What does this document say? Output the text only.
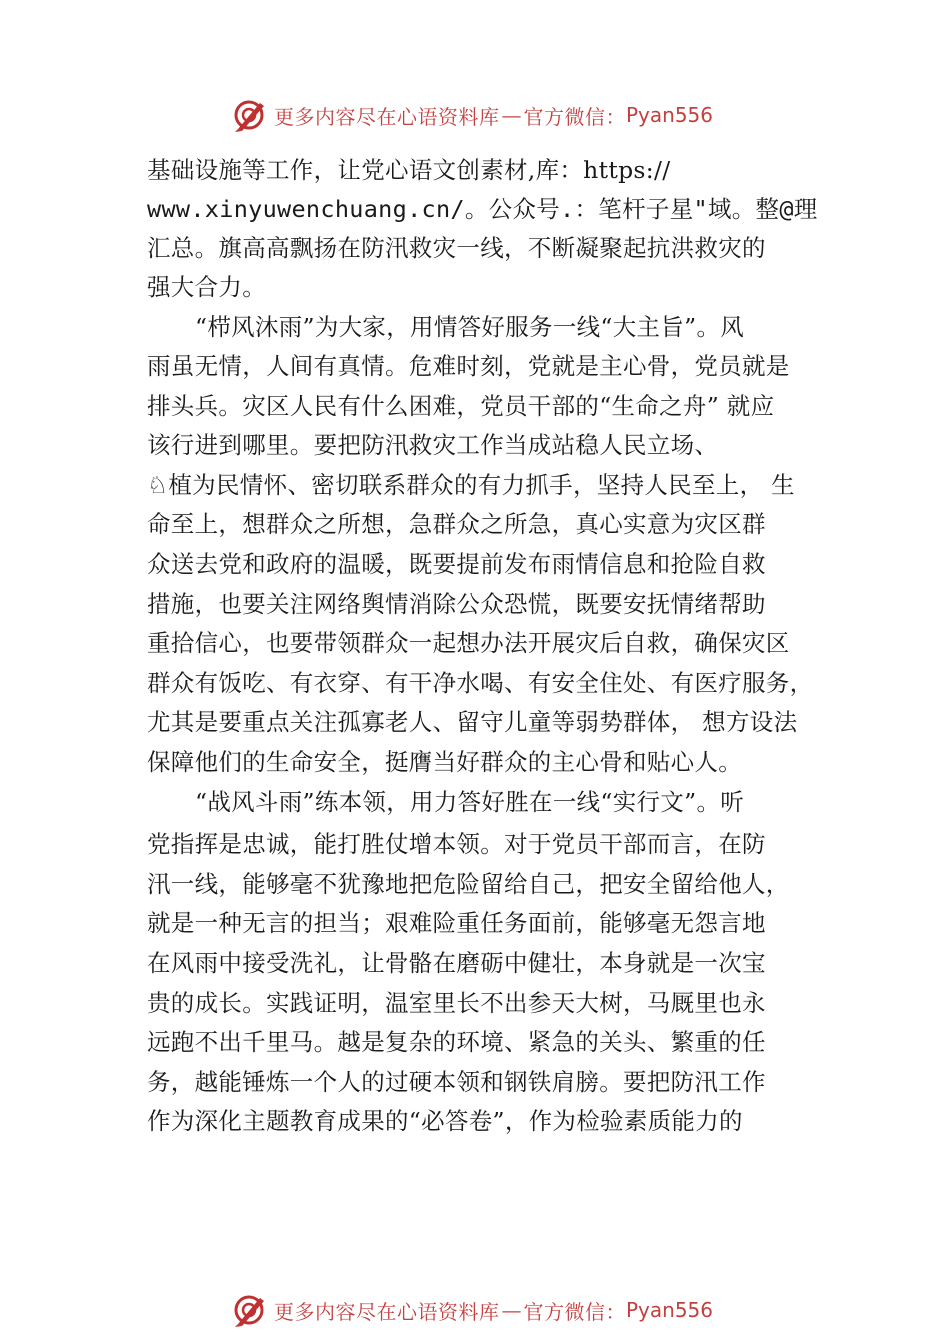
更多内容尽在心语资料库 — 官方微信： Pyan556

基础设施等工作，让党心语文创素材,库：https://

www.xinyuwenchuang.cn/。公众号.：笔杆子星"域。整@理

汇总。旗高高飘扬在防汛救灾一线，不断凝聚起抗洪救灾的

强大合力。

“栉风沐雨”为大家，用情答好服务一线“大主旨”。风

雨虽无情，人间有真情。危难时刻，党就是主心骨，党员就是

排头兵。灾区人民有什么困难，党员干部的“生命之舟” 就应

该行进到哪里。要把防汛救灾工作当成站稳人民立场、

♘植为民情怀、密切联系群众的有力抓手，坚持人民至上， 生

命至上，想群众之所想，急群众之所急，真心实意为灾区群

众送去党和政府的温暖，既要提前发布雨情信息和抢险自救

措施，也要关注网络舆情消除公众恐慌，既要安抚情绪帮助

重拾信心，也要带领群众一起想办法开展灾后自救，确保灾区

群众有饭吃、有衣穿、有干净水喝、有安全住处、有医疗服务，

尤其是要重点关注孤寡老人、留守儿童等弱势群体， 想方设法

保障他们的生命安全，挺膺当好群众的主心骨和贴心人。

“战风斗雨”练本领，用力答好胜在一线“实行文”。听

党指挥是忠诚，能打胜仗增本领。对于党员干部而言，在防

汛一线，能够毫不犹豫地把危险留给自己，把安全留给他人，

就是一种无言的担当；艰难险重任务面前，能够毫无怨言地

在风雨中接受洗礼，让骨骼在磨砺中健壮，本身就是一次宝

贵的成长。实践证明，温室里长不出参天大树，马厩里也永

远跑不出千里马。越是复杂的环境、紧急的关头、繁重的任

务，越能锤炼一个人的过硬本领和钢铁肩膀。要把防汛工作

作为深化主题教育成果的“必答卷”，作为检验素质能力的

更多内容尽在心语资料库 — 官方微信： Pyan556
